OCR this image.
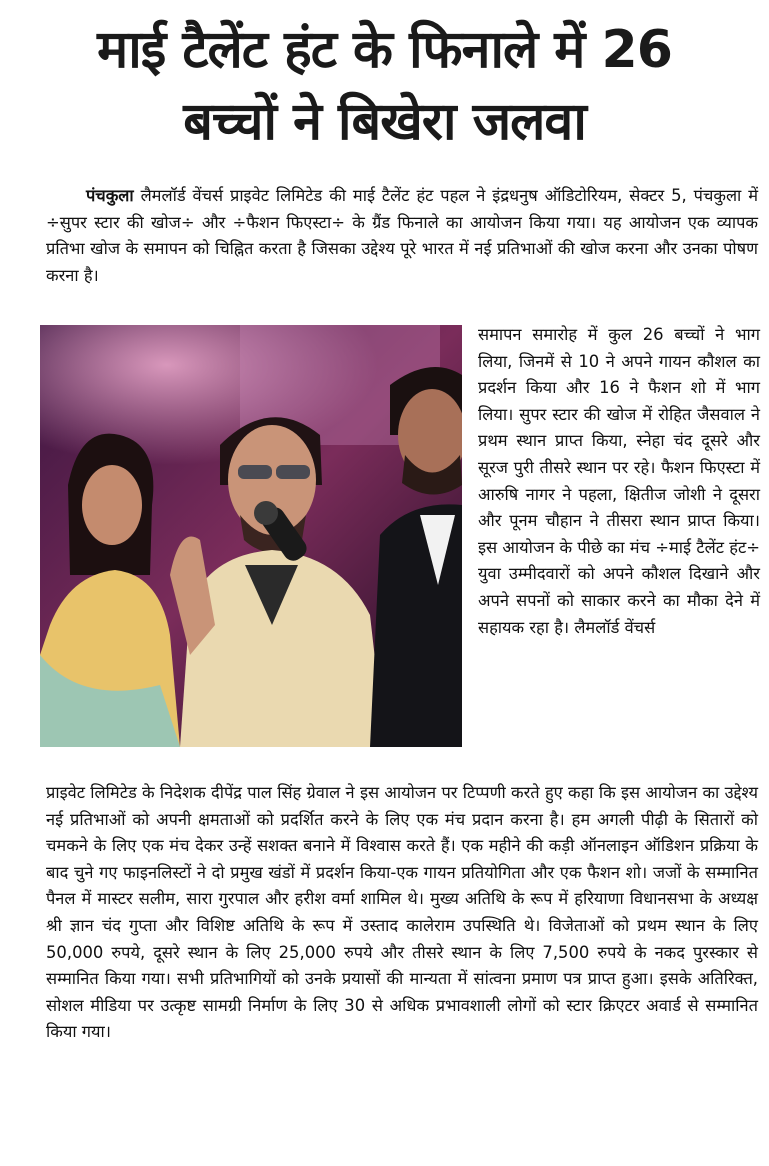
माई टैलेंट हंट के फिनाले में 26
बच्चों ने बिखेरा जलवा

पंचकुला लैमलॉर्ड वेंचर्स प्राइवेट लिमिटेड की माई टैलेंट हंट पहल ने इंद्रधनुष ऑडिटोरियम, सेक्टर 5, पंचकुला में ÷सुपर स्टार की खोज÷ और ÷फैशन फिएस्टा÷ के ग्रैंड फिनाले का आयोजन किया गया। यह आयोजन एक व्यापक प्रतिभा खोज के समापन को चिह्नित करता है जिसका उद्देश्य पूरे भारत में नई प्रतिभाओं की खोज करना और उनका पोषण करना है।

समापन समारोह में कुल 26 बच्चों ने भाग लिया, जिनमें से 10 ने अपने गायन कौशल का प्रदर्शन किया और 16 ने फैशन शो में भाग लिया। सुपर स्टार की खोज में रोहित जैसवाल ने प्रथम स्थान प्राप्त किया, स्नेहा चंद दूसरे और सूरज पुरी तीसरे स्थान पर रहे। फैशन फिएस्टा में आरुषि नागर ने पहला, क्षितीज जोशी ने दूसरा और पूनम चौहान ने तीसरा स्थान प्राप्त किया। इस आयोजन के पीछे का मंच ÷माई टैलेंट हंट÷ युवा उम्मीदवारों को अपने कौशल दिखाने और अपने सपनों को साकार करने का मौका देने में सहायक रहा है। लैमलॉर्ड वेंचर्स

प्राइवेट लिमिटेड के निदेशक दीपेंद्र पाल सिंह ग्रेवाल ने इस आयोजन पर टिप्पणी करते हुए कहा कि इस आयोजन का उद्देश्य नई प्रतिभाओं को अपनी क्षमताओं को प्रदर्शित करने के लिए एक मंच प्रदान करना है। हम अगली पीढ़ी के सितारों को चमकने के लिए एक मंच देकर उन्हें सशक्त बनाने में विश्वास करते हैं। एक महीने की कड़ी ऑनलाइन ऑडिशन प्रक्रिया के बाद चुने गए फाइनलिस्टों ने दो प्रमुख खंडों में प्रदर्शन किया-एक गायन प्रतियोगिता और एक फैशन शो। जजों के सम्मानित पैनल में मास्टर सलीम, सारा गुरपाल और हरीश वर्मा शामिल थे। मुख्य अतिथि के रूप में हरियाणा विधानसभा के अध्यक्ष श्री ज्ञान चंद गुप्ता और विशिष्ट अतिथि के रूप में उस्ताद कालेराम उपस्थिति थे। विजेताओं को प्रथम स्थान के लिए 50,000 रुपये, दूसरे स्थान के लिए 25,000 रुपये और तीसरे स्थान के लिए 7,500 रुपये के नकद पुरस्कार से सम्मानित किया गया। सभी प्रतिभागियों को उनके प्रयासों की मान्यता में सांत्वना प्रमाण पत्र प्राप्त हुआ। इसके अतिरिक्त, सोशल मीडिया पर उत्कृष्ट सामग्री निर्माण के लिए 30 से अधिक प्रभावशाली लोगों को स्टार क्रिएटर अवार्ड से सम्मानित किया गया।
